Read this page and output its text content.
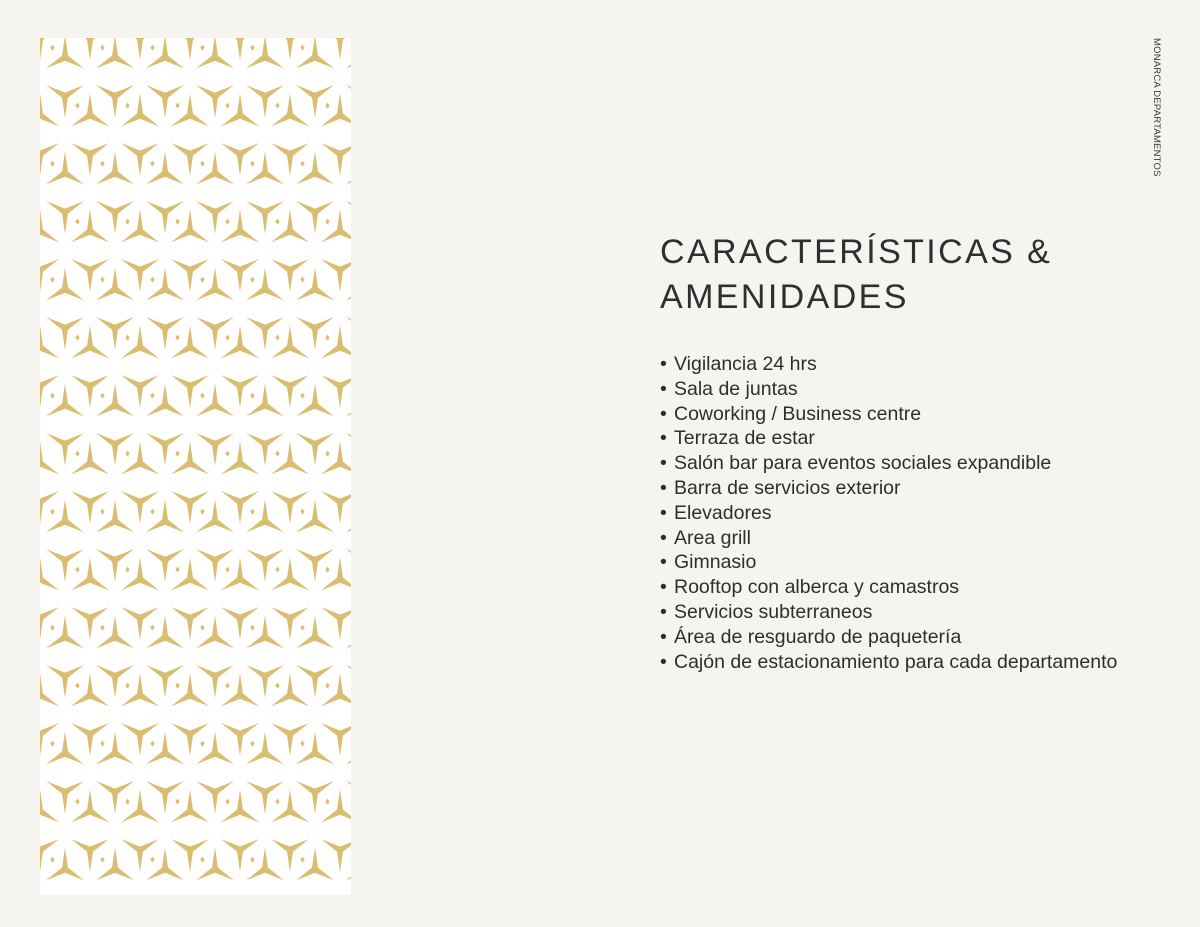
MONARCA DEPARTAMENTOS
CARACTERÍSTICAS &
AMENIDADES
• Vigilancia 24 hrs
• Sala de juntas
• Coworking / Business centre
• Terraza de estar
• Salón bar para eventos sociales expandible
• Barra de servicios exterior
• Elevadores
• Area grill
• Gimnasio
• Rooftop con alberca y camastros
• Servicios subterraneos
• Área de resguardo de paquetería
• Cajón de estacionamiento para cada departamento
